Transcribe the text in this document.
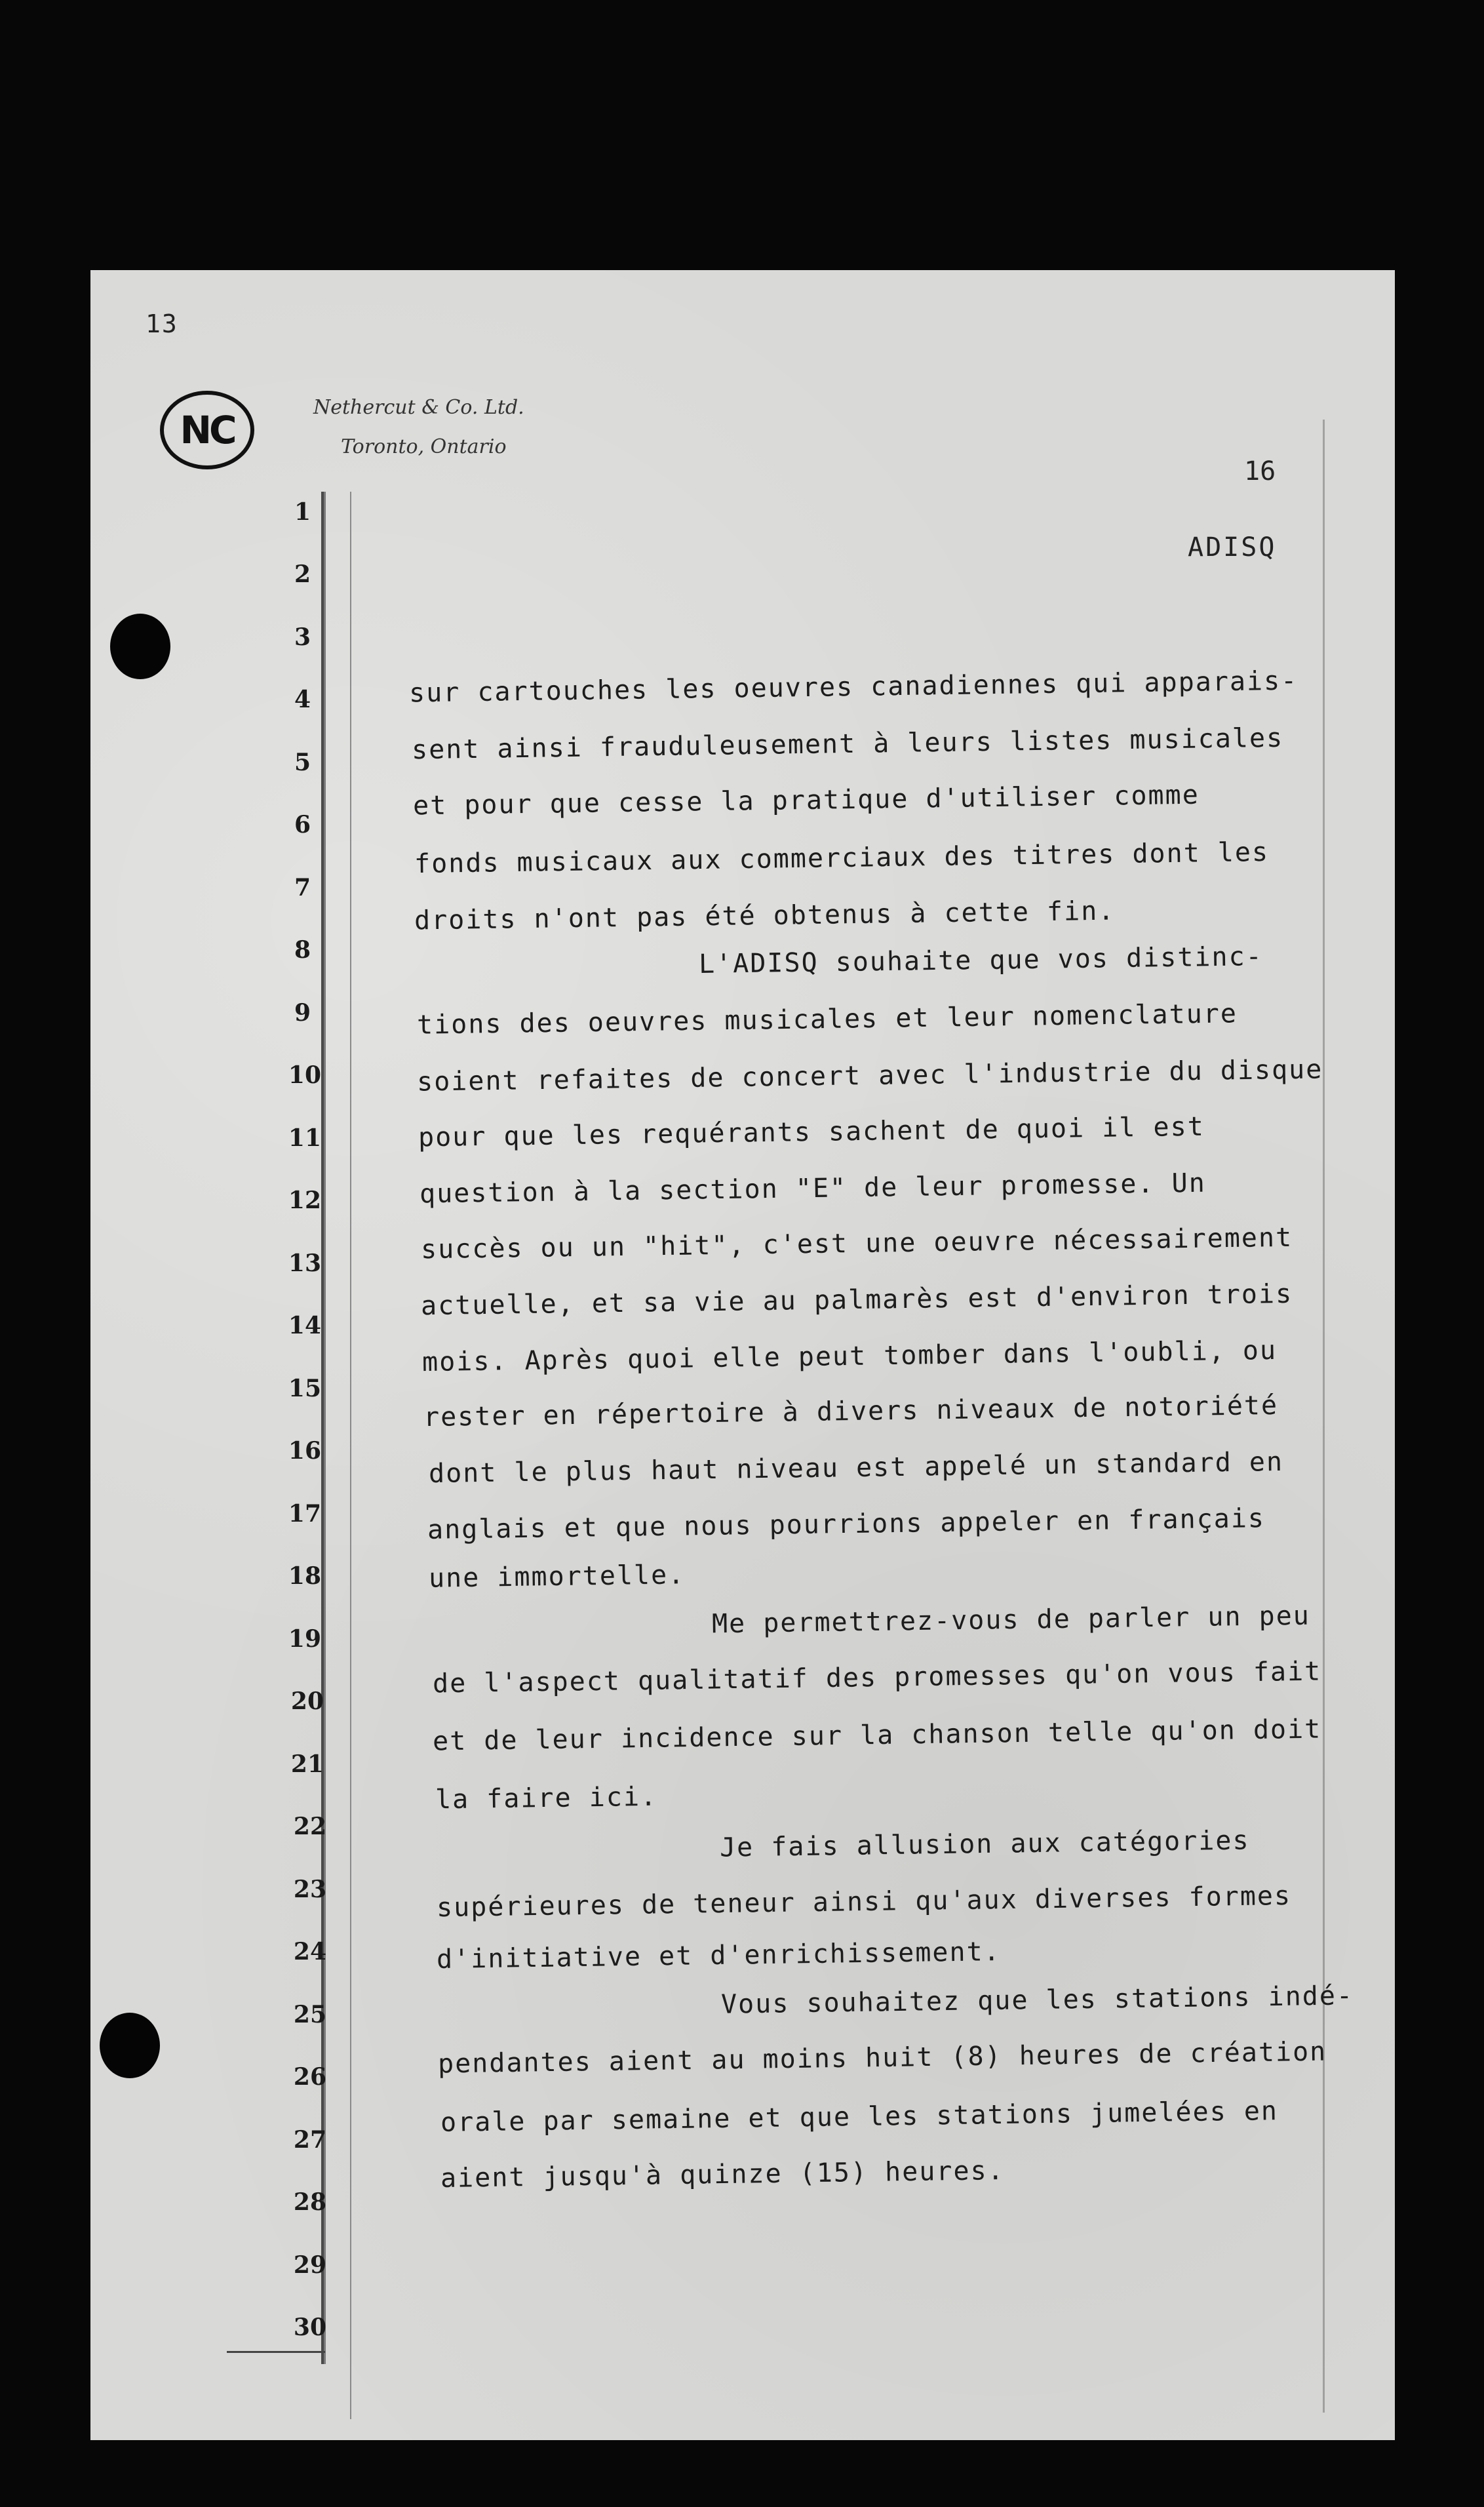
13
NC
Nethercut & Co. Ltd.
Toronto, Ontario
16
ADISQ
1
2
3
4
5
6
7
8
9
10
11
12
13
14
15
16
17
18
19
20
21
22
23
24
25
26
27
28
29
30
sur cartouches les oeuvres canadiennes qui apparais-
sent ainsi frauduleusement à leurs listes musicales
et pour que cesse la pratique d'utiliser comme
fonds musicaux aux commerciaux des titres dont les
droits n'ont pas été obtenus à cette fin.
L'ADISQ souhaite que vos distinc-
tions des oeuvres musicales et leur nomenclature
soient refaites de concert avec l'industrie du disque
pour que les requérants sachent de quoi il est
question à la section "E" de leur promesse. Un
succès ou un "hit", c'est une oeuvre nécessairement
actuelle, et sa vie au palmarès est d'environ trois
mois. Après quoi elle peut tomber dans l'oubli, ou
rester en répertoire à divers niveaux de notoriété
dont le plus haut niveau est appelé un standard en
anglais et que nous pourrions appeler en français
une immortelle.
Me permettrez-vous de parler un peu
de l'aspect qualitatif des promesses qu'on vous fait
et de leur incidence sur la chanson telle qu'on doit
la faire ici.
Je fais allusion aux catégories
supérieures de teneur ainsi qu'aux diverses formes
d'initiative et d'enrichissement.
Vous souhaitez que les stations indé-
pendantes aient au moins huit (8) heures de création
orale par semaine et que les stations jumelées en
aient jusqu'à quinze (15) heures.
